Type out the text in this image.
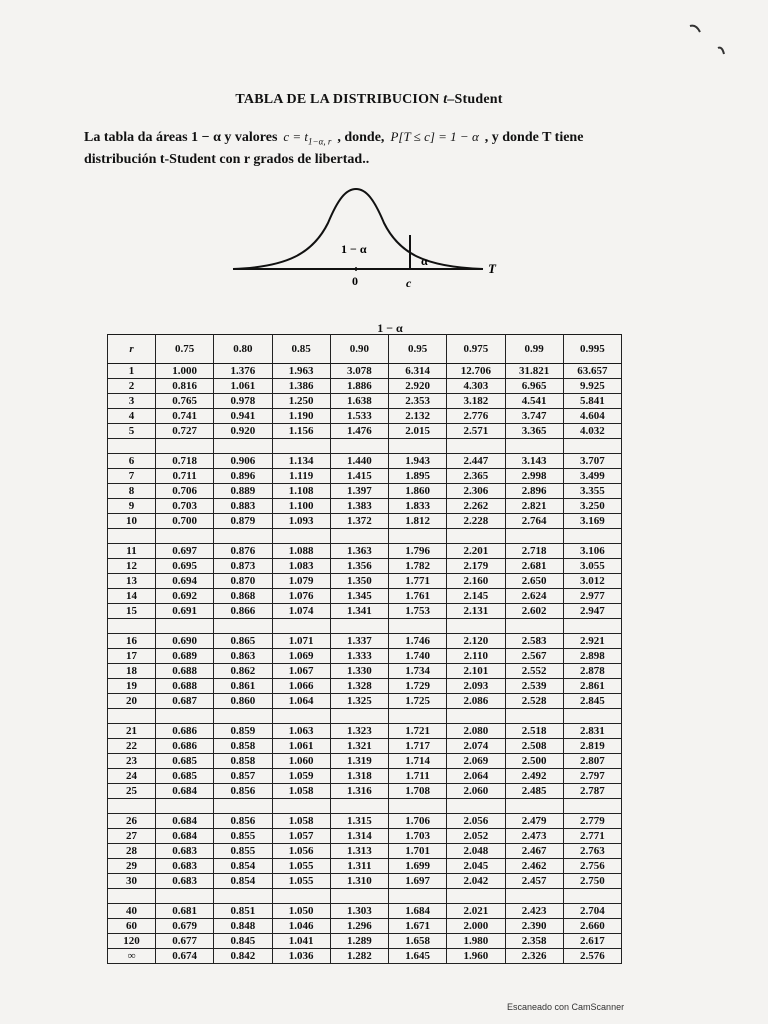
TABLA DE LA DISTRIBUCION t–Student
La tabla da áreas 1 − α y valores $c = t_{1-\alpha, r}$ , donde, P[T ≤ c] = 1 − α , y donde T tiene
distribución t-Student con r grados de libertad..
1 − α
α	T
0	c
1 − α
r	0.75	0.80	0.85	0.90	0.95	0.975	0.99	0.995
1	1.000	1.376	1.963	3.078	6.314	12.706	31.821	63.657
2	0.816	1.061	1.386	1.886	2.920	4.303	6.965	9.925
3	0.765	0.978	1.250	1.638	2.353	3.182	4.541	5.841
4	0.741	0.941	1.190	1.533	2.132	2.776	3.747	4.604
5	0.727	0.920	1.156	1.476	2.015	2.571	3.365	4.032

6	0.718	0.906	1.134	1.440	1.943	2.447	3.143	3.707
7	0.711	0.896	1.119	1.415	1.895	2.365	2.998	3.499
8	0.706	0.889	1.108	1.397	1.860	2.306	2.896	3.355
9	0.703	0.883	1.100	1.383	1.833	2.262	2.821	3.250
10	0.700	0.879	1.093	1.372	1.812	2.228	2.764	3.169

11	0.697	0.876	1.088	1.363	1.796	2.201	2.718	3.106
12	0.695	0.873	1.083	1.356	1.782	2.179	2.681	3.055
13	0.694	0.870	1.079	1.350	1.771	2.160	2.650	3.012
14	0.692	0.868	1.076	1.345	1.761	2.145	2.624	2.977
15	0.691	0.866	1.074	1.341	1.753	2.131	2.602	2.947

16	0.690	0.865	1.071	1.337	1.746	2.120	2.583	2.921
17	0.689	0.863	1.069	1.333	1.740	2.110	2.567	2.898
18	0.688	0.862	1.067	1.330	1.734	2.101	2.552	2.878
19	0.688	0.861	1.066	1.328	1.729	2.093	2.539	2.861
20	0.687	0.860	1.064	1.325	1.725	2.086	2.528	2.845

21	0.686	0.859	1.063	1.323	1.721	2.080	2.518	2.831
22	0.686	0.858	1.061	1.321	1.717	2.074	2.508	2.819
23	0.685	0.858	1.060	1.319	1.714	2.069	2.500	2.807
24	0.685	0.857	1.059	1.318	1.711	2.064	2.492	2.797
25	0.684	0.856	1.058	1.316	1.708	2.060	2.485	2.787

26	0.684	0.856	1.058	1.315	1.706	2.056	2.479	2.779
27	0.684	0.855	1.057	1.314	1.703	2.052	2.473	2.771
28	0.683	0.855	1.056	1.313	1.701	2.048	2.467	2.763
29	0.683	0.854	1.055	1.311	1.699	2.045	2.462	2.756
30	0.683	0.854	1.055	1.310	1.697	2.042	2.457	2.750

40	0.681	0.851	1.050	1.303	1.684	2.021	2.423	2.704
60	0.679	0.848	1.046	1.296	1.671	2.000	2.390	2.660
120	0.677	0.845	1.041	1.289	1.658	1.980	2.358	2.617
∞	0.674	0.842	1.036	1.282	1.645	1.960	2.326	2.576
Escaneado con CamScanner
